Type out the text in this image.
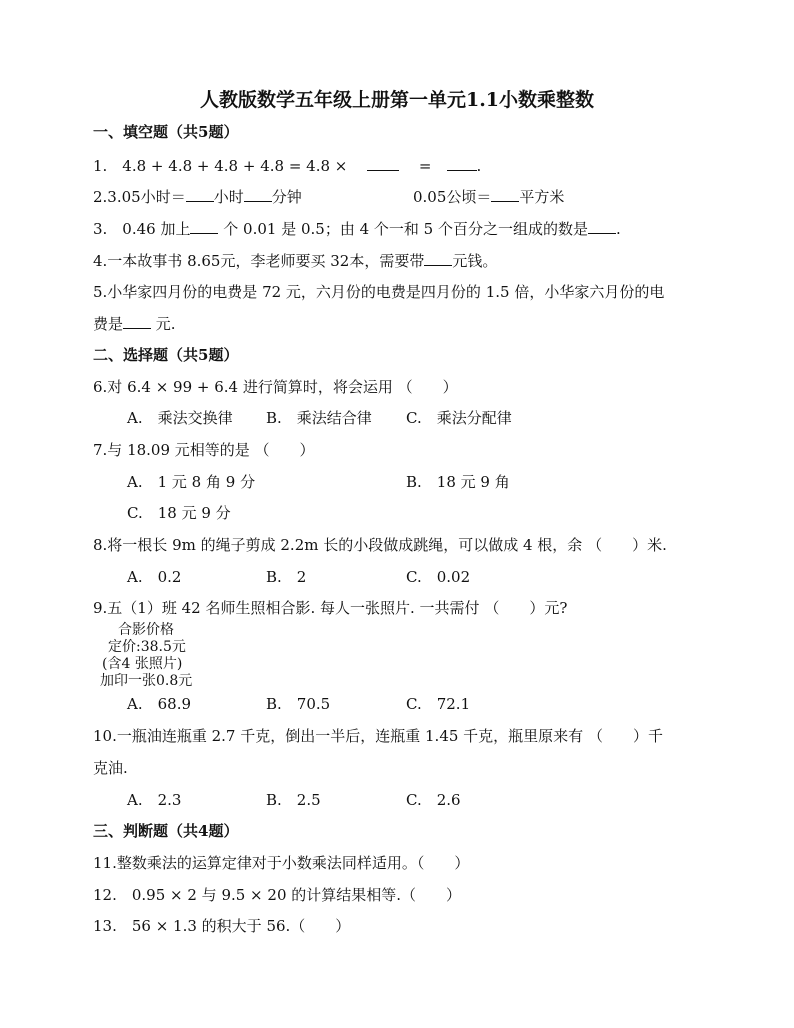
人教版数学五年级上册第一单元1.1小数乘整数
一、填空题（共5题）
1.　4.8 + 4.8 + 4.8 + 4.8 = 4.8 ×　 　	=　	.
2.3.05小时＝ 小时 分钟	0.05公顷＝ 平方米
3.　0.46 加上 个 0.01 是 0.5；由 4 个一和 5 个百分之一组成的数是 .
4.一本故事书 8.65元，李老师要买 32本，需要带 元钱。
5.小华家四月份的电费是 72 元，六月份的电费是四月份的 1.5 倍，小华家六月份的电
费是 元.
二、选择题（共5题）
6.对 6.4 × 99 + 6.4 进行简算时，将会运用 （　　）
A.　乘法交换律 B.　乘法结合律 C.　乘法分配律
7.与 18.09 元相等的是 （　　）
A.　1 元 8 角 9 分	B.　18 元 9 角
C.　18 元 9 分
8.将一根长 9m 的绳子剪成 2.2m 长的小段做成跳绳，可以做成 4 根，余 （　　）米.
A.　0.2	B.　2	C.　0.02
9.五（1）班 42 名师生照相合影. 每人一张照片. 一共需付 （　　）元?
合影价格
定价:38.5元
(含4 张照片)
加印一张0.8元
A.　68.9	B.　70.5	C.　72.1
10.一瓶油连瓶重 2.7 千克，倒出一半后，连瓶重 1.45 千克，瓶里原来有 （　　）千
克油.
A.　2.3	B.　2.5	C.　2.6
三、判断题（共4题）
11.整数乘法的运算定律对于小数乘法同样适用。（　　）
12.　0.95 × 2 与 9.5 × 20 的计算结果相等.（　　）
13.　56 × 1.3 的积大于 56.（　　）
